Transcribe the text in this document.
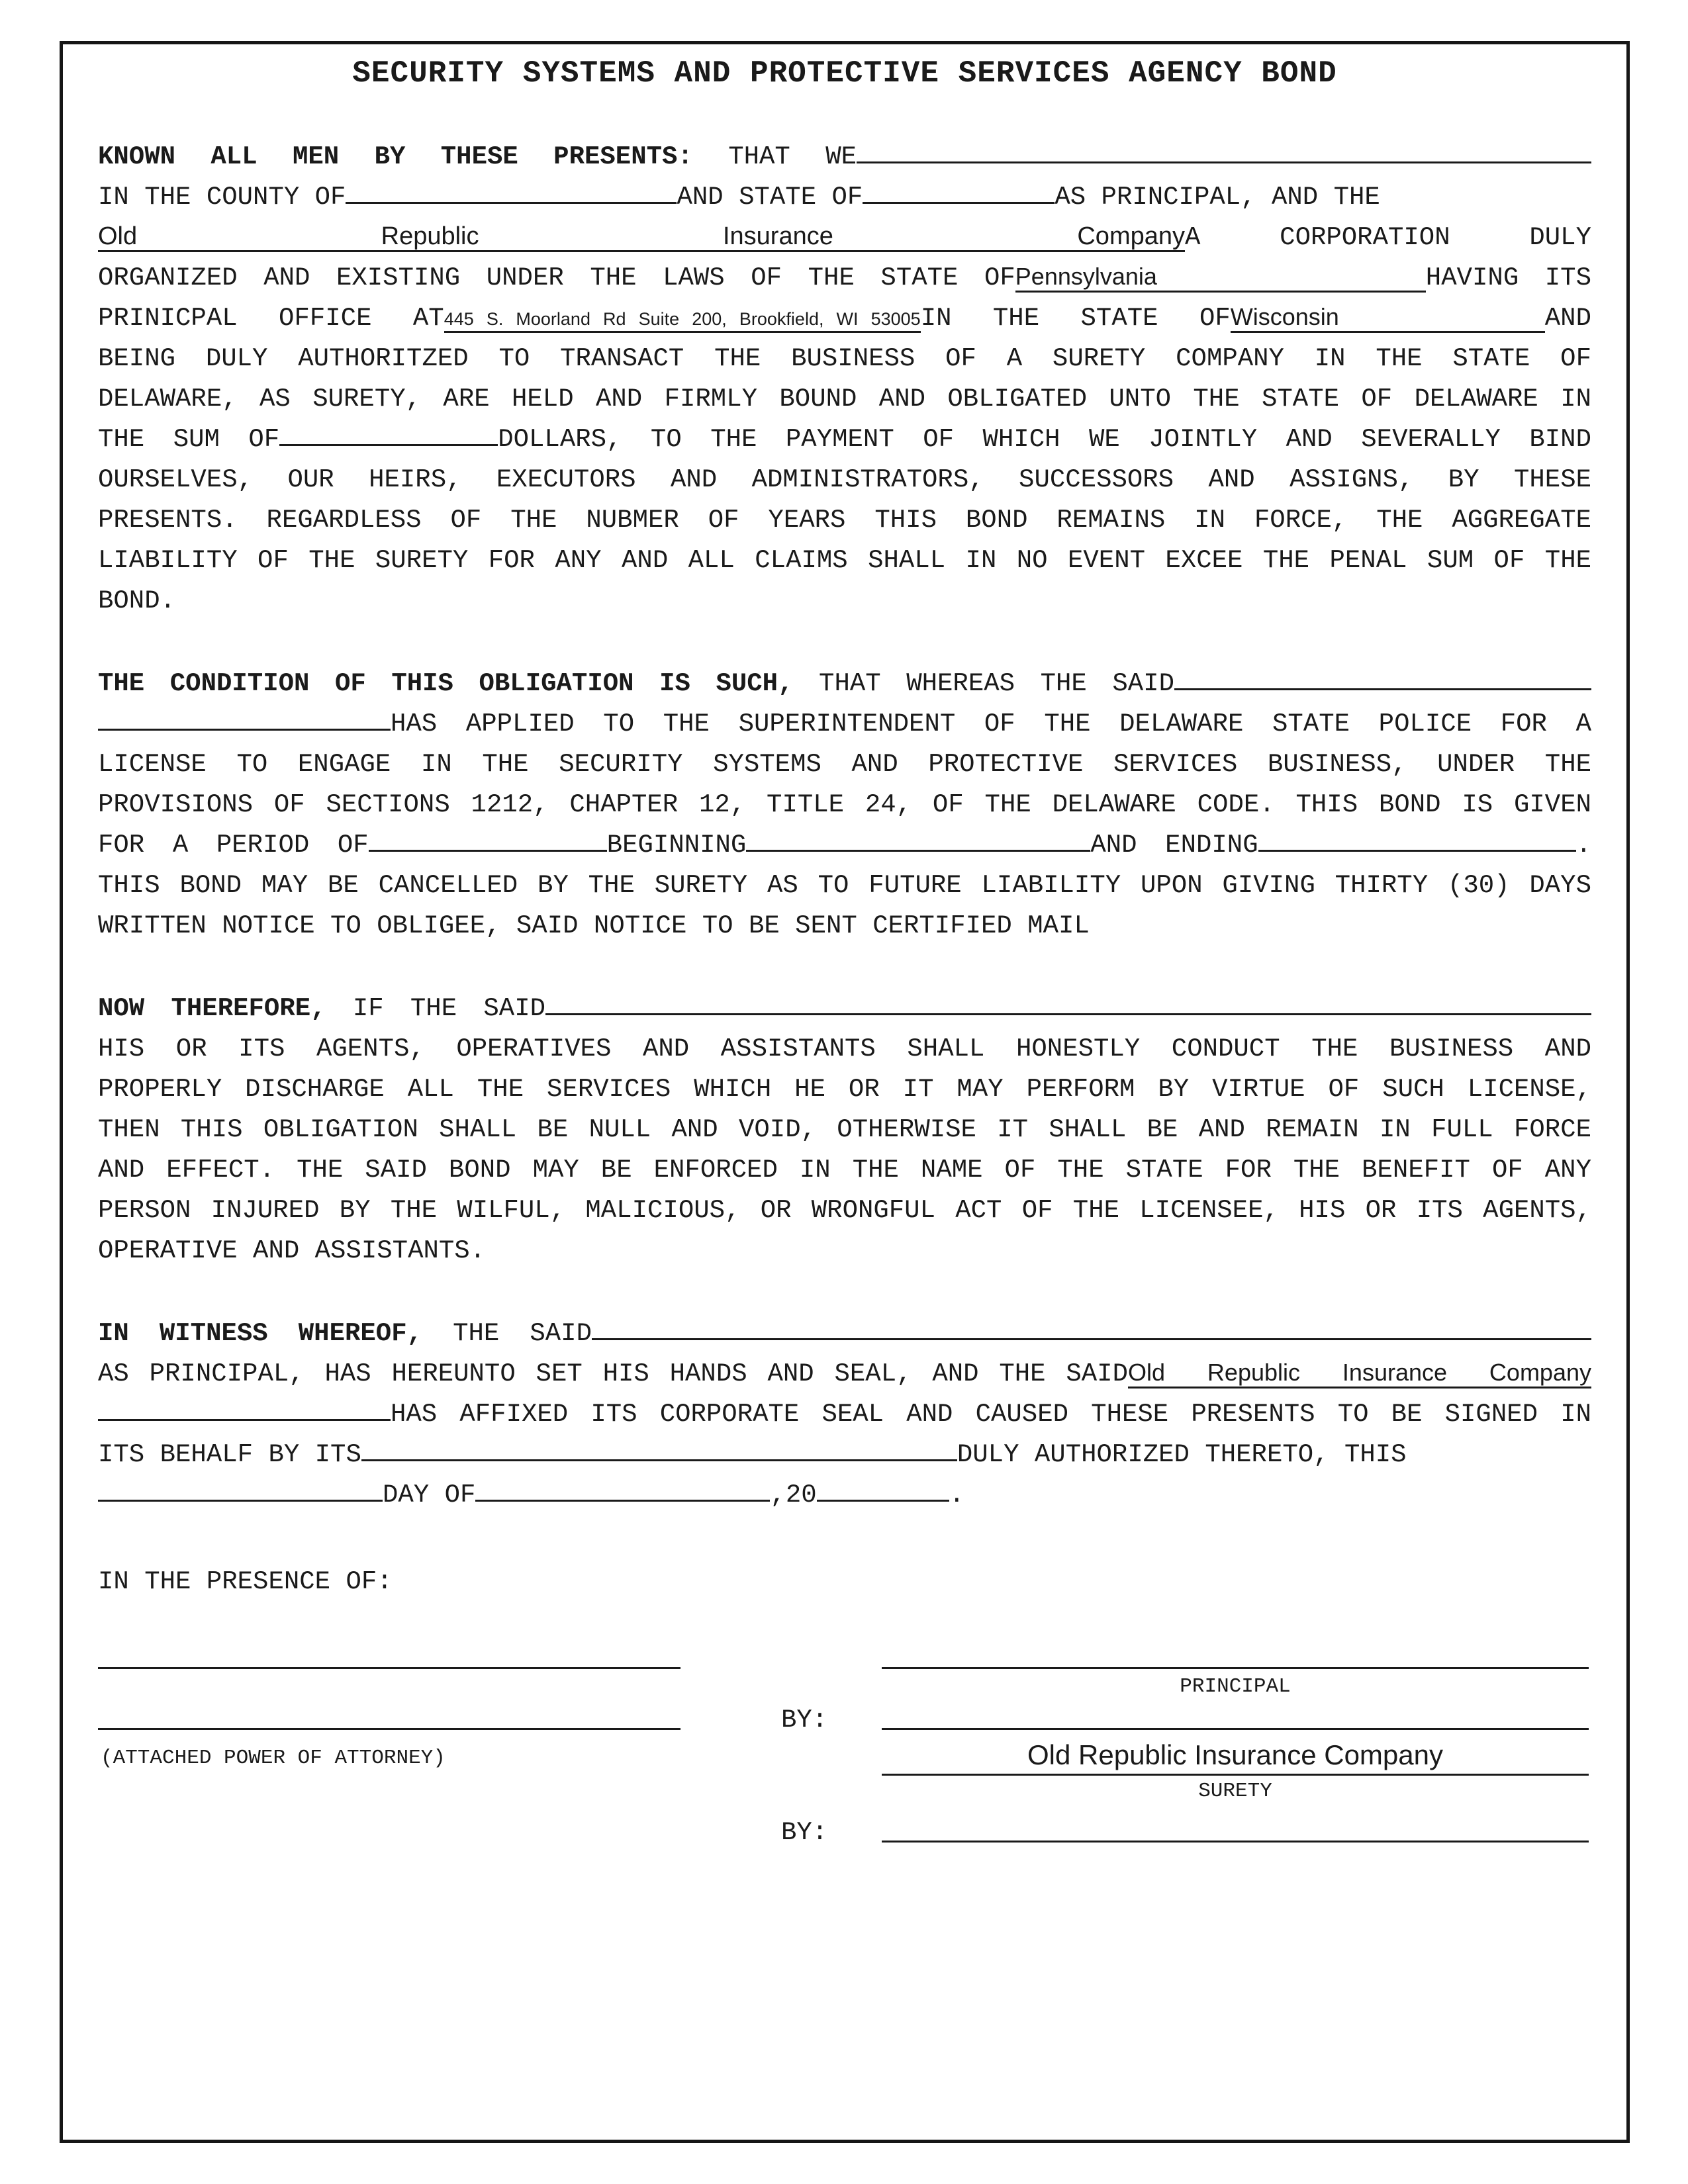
SECURITY SYSTEMS AND PROTECTIVE SERVICES AGENCY BOND
KNOWN ALL MEN BY THESE PRESENTS: THAT WE
IN THE COUNTY OF	AND STATE OF	AS PRINCIPAL, AND THE
Old Republic Insurance Company A CORPORATION DULY
ORGANIZED AND EXISTING UNDER THE LAWS OF THE STATE OF Pennsylvania	HAVING ITS
PRINICPAL OFFICE AT 445 S. Moorland Rd Suite 200, Brookfield, WI 53005 IN THE STATE OF Wisconsin	AND
BEING DULY AUTHORITZED TO TRANSACT THE BUSINESS OF A SURETY COMPANY IN THE STATE OF
DELAWARE, AS SURETY, ARE HELD AND FIRMLY BOUND AND OBLIGATED UNTO THE STATE OF DELAWARE IN
THE SUM OF	DOLLARS, TO THE PAYMENT OF WHICH WE JOINTLY AND SEVERALLY BIND
OURSELVES, OUR HEIRS, EXECUTORS AND ADMINISTRATORS, SUCCESSORS AND ASSIGNS, BY THESE
PRESENTS. REGARDLESS OF THE NUBMER OF YEARS THIS BOND REMAINS IN FORCE, THE AGGREGATE
LIABILITY OF THE SURETY FOR ANY AND ALL CLAIMS SHALL IN NO EVENT EXCEE THE PENAL SUM OF THE
BOND.
THE CONDITION OF THIS OBLIGATION IS SUCH, THAT WHEREAS THE SAID
HAS APPLIED TO THE SUPERINTENDENT OF THE DELAWARE STATE POLICE FOR A
LICENSE TO ENGAGE IN THE SECURITY SYSTEMS AND PROTECTIVE SERVICES BUSINESS, UNDER THE
PROVISIONS OF SECTIONS 1212, CHAPTER 12, TITLE 24, OF THE DELAWARE CODE. THIS BOND IS GIVEN
FOR A PERIOD OF	BEGINNING	AND ENDING	.
THIS BOND MAY BE CANCELLED BY THE SURETY AS TO FUTURE LIABILITY UPON GIVING THIRTY (30) DAYS
WRITTEN NOTICE TO OBLIGEE, SAID NOTICE TO BE SENT CERTIFIED MAIL
NOW THEREFORE, IF THE SAID
HIS OR ITS AGENTS, OPERATIVES AND ASSISTANTS SHALL HONESTLY CONDUCT THE BUSINESS AND
PROPERLY DISCHARGE ALL THE SERVICES WHICH HE OR IT MAY PERFORM BY VIRTUE OF SUCH LICENSE,
THEN THIS OBLIGATION SHALL BE NULL AND VOID, OTHERWISE IT SHALL BE AND REMAIN IN FULL FORCE
AND EFFECT. THE SAID BOND MAY BE ENFORCED IN THE NAME OF THE STATE FOR THE BENEFIT OF ANY
PERSON INJURED BY THE WILFUL, MALICIOUS, OR WRONGFUL ACT OF THE LICENSEE, HIS OR ITS AGENTS,
OPERATIVE AND ASSISTANTS.
IN WITNESS WHEREOF, THE SAID
AS PRINCIPAL, HAS HEREUNTO SET HIS HANDS AND SEAL, AND THE SAID Old Republic Insurance Company
HAS AFFIXED ITS CORPORATE SEAL AND CAUSED THESE PRESENTS TO BE SIGNED IN
ITS BEHALF BY ITS	DULY AUTHORIZED THERETO, THIS
DAY OF	,20	.
IN THE PRESENCE OF:
PRINCIPAL
BY:
(ATTACHED POWER OF ATTORNEY)	Old Republic Insurance Company
SURETY
BY:
